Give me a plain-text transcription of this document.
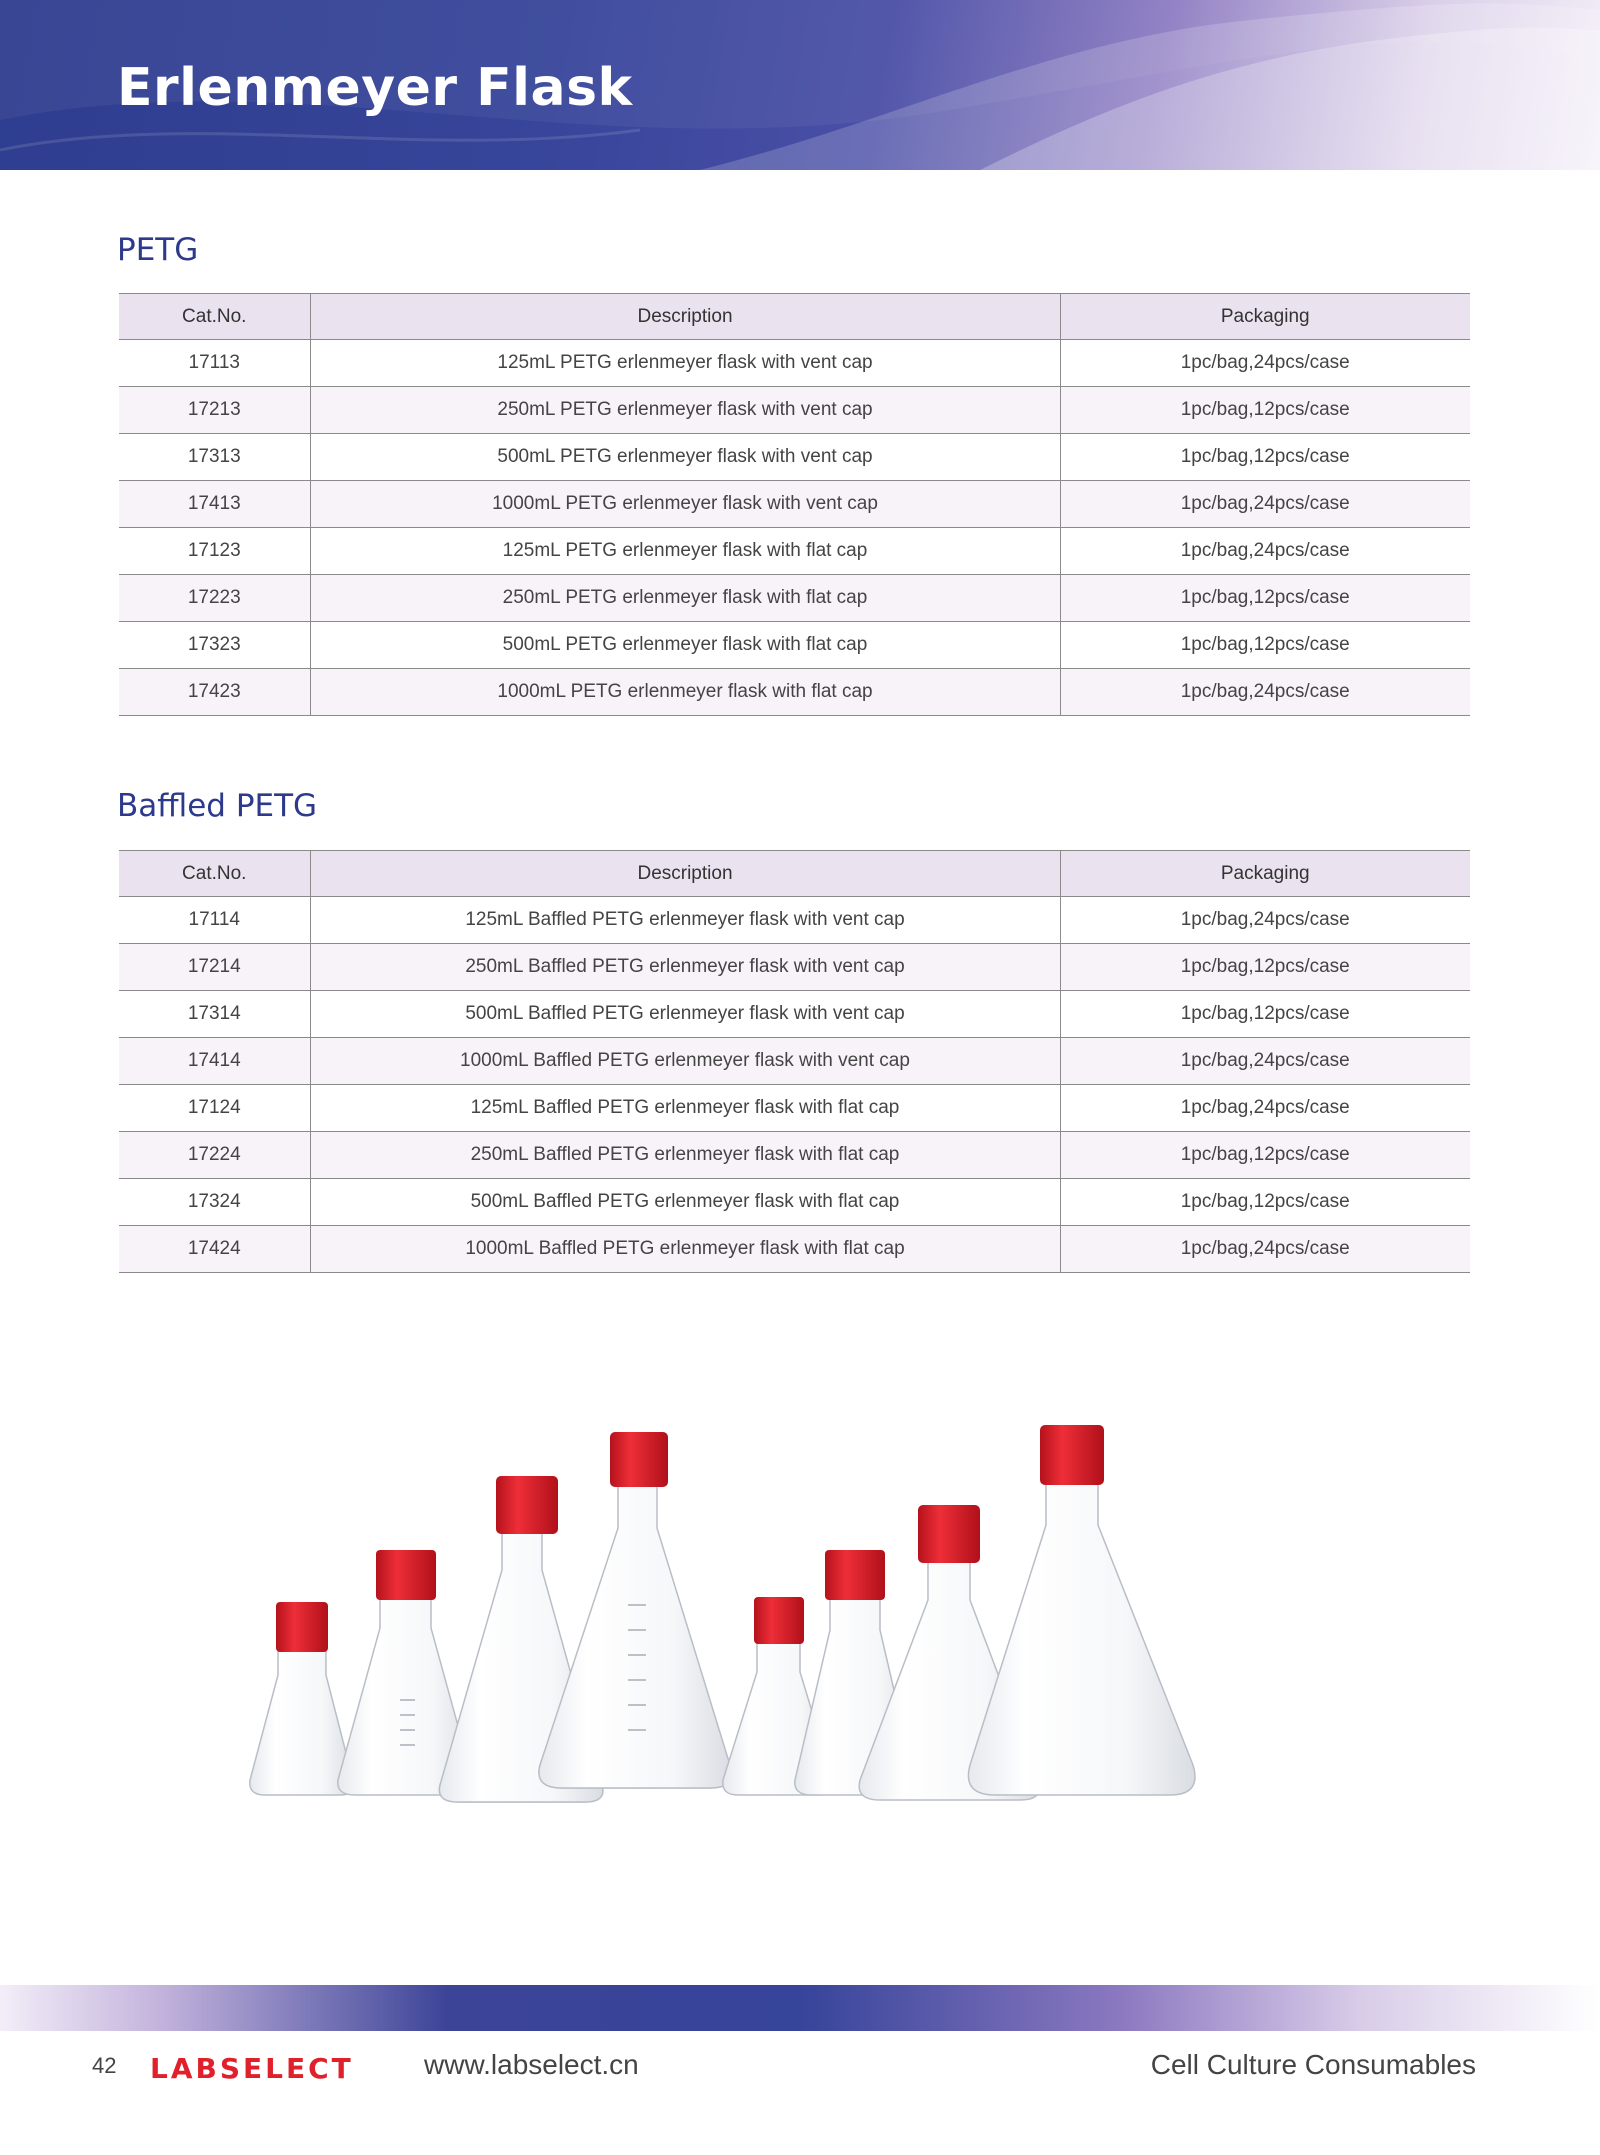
Erlenmeyer Flask
PETG
Cat.No.	Description	Packaging
17113	125mL PETG erlenmeyer flask with vent cap	1pc/bag,24pcs/case
17213	250mL PETG erlenmeyer flask with vent cap	1pc/bag,12pcs/case
17313	500mL PETG erlenmeyer flask with vent cap	1pc/bag,12pcs/case
17413	1000mL PETG erlenmeyer flask with vent cap	1pc/bag,24pcs/case
17123	125mL PETG erlenmeyer flask with flat cap	1pc/bag,24pcs/case
17223	250mL PETG erlenmeyer flask with flat cap	1pc/bag,12pcs/case
17323	500mL PETG erlenmeyer flask with flat cap	1pc/bag,12pcs/case
17423	1000mL PETG erlenmeyer flask with flat cap	1pc/bag,24pcs/case
Baffled PETG
Cat.No.	Description	Packaging
17114	125mL Baffled PETG erlenmeyer flask with vent cap	1pc/bag,24pcs/case
17214	250mL Baffled PETG erlenmeyer flask with vent cap	1pc/bag,12pcs/case
17314	500mL Baffled PETG erlenmeyer flask with vent cap	1pc/bag,12pcs/case
17414	1000mL Baffled PETG erlenmeyer flask with vent cap	1pc/bag,24pcs/case
17124	125mL Baffled PETG erlenmeyer flask with flat cap	1pc/bag,24pcs/case
17224	250mL Baffled PETG erlenmeyer flask with flat cap	1pc/bag,12pcs/case
17324	500mL Baffled PETG erlenmeyer flask with flat cap	1pc/bag,12pcs/case
17424	1000mL Baffled PETG erlenmeyer flask with flat cap	1pc/bag,24pcs/case
42 LABSELECT	www.labselect.cn	Cell Culture Consumables
